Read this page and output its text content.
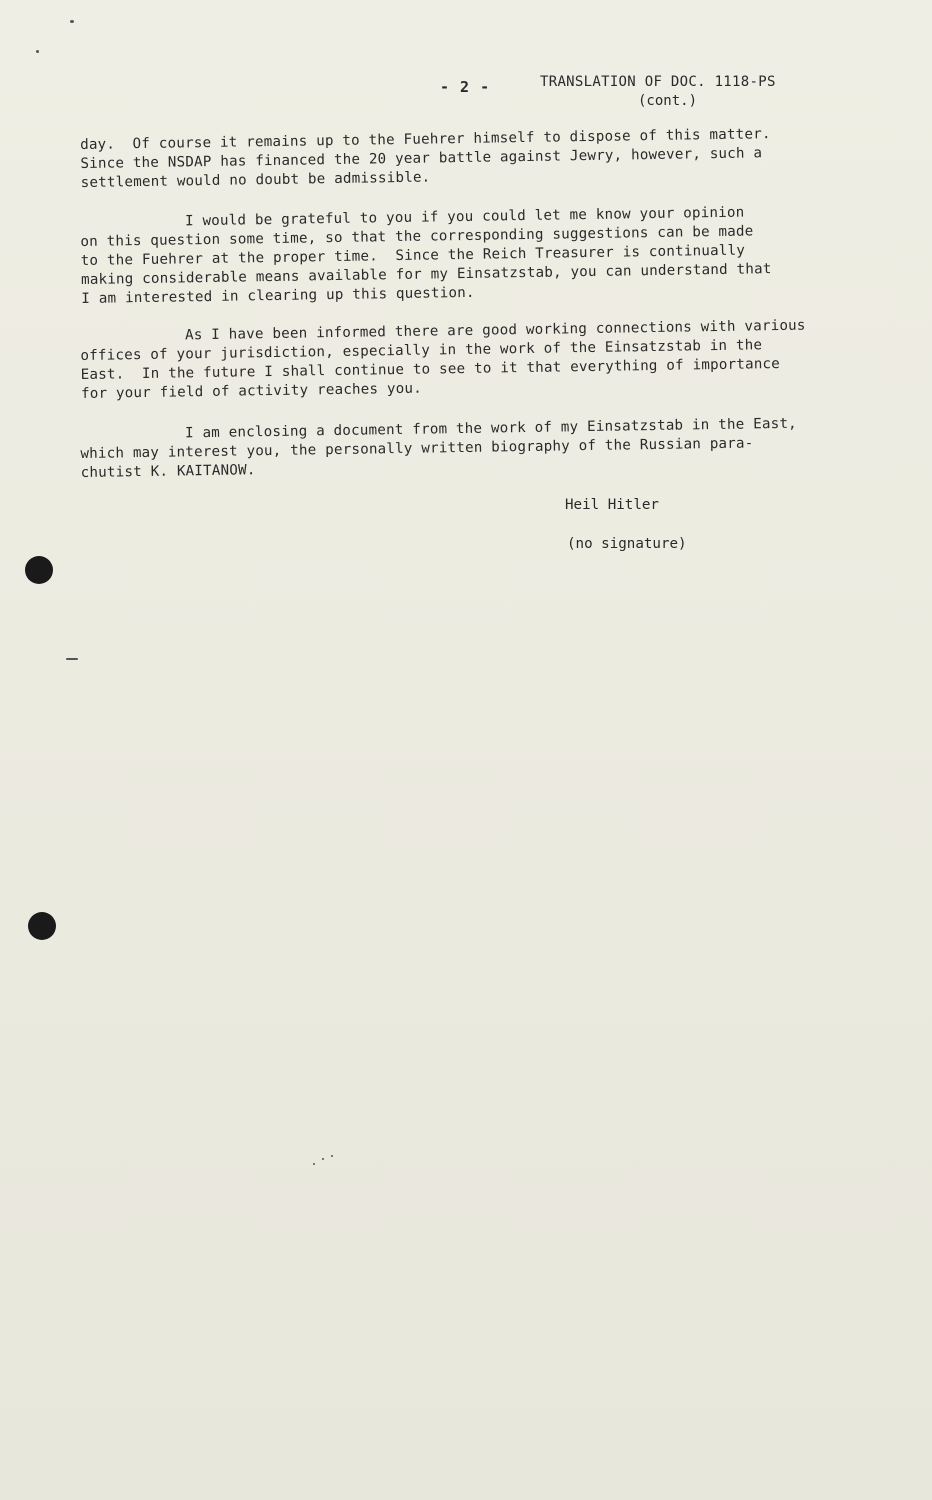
- 2 -	TRANSLATION OF DOC. 1118-PS
(cont.)
day.  Of course it remains up to the Fuehrer himself to dispose of this matter.
Since the NSDAP has financed the 20 year battle against Jewry, however, such a
settlement would no doubt be admissible.
I would be grateful to you if you could let me know your opinion
on this question some time, so that the corresponding suggestions can be made
to the Fuehrer at the proper time.  Since the Reich Treasurer is continually
making considerable means available for my Einsatzstab, you can understand that
I am interested in clearing up this question.
As I have been informed there are good working connections with various
offices of your jurisdiction, especially in the work of the Einsatzstab in the
East.  In the future I shall continue to see to it that everything of importance
for your field of activity reaches you.
I am enclosing a document from the work of my Einsatzstab in the East,
which may interest you, the personally written biography of the Russian para-
chutist K. KAITANOW.
Heil Hitler
(no signature)
